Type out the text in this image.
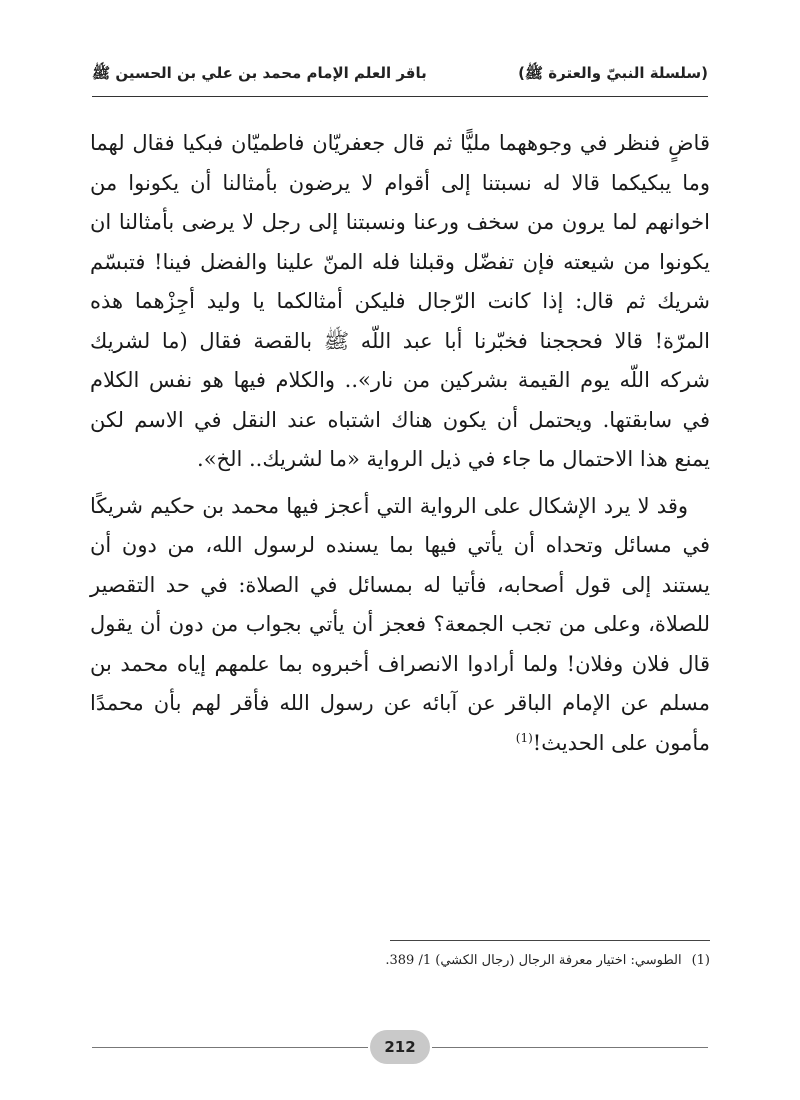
(سلسلة النبيّ والعترة ﷺ)
باقر العلم الإمام محمد بن علي بن الحسين ﷺ

قاضٍ فنظر في وجوههما مليًّا ثم قال جعفريّان فاطميّان فبكيا فقال لهما وما يبكيكما قالا له نسبتنا إلى أقوام لا يرضون بأمثالنا أن يكونوا من اخوانهم لما يرون من سخف ورعنا ونسبتنا إلى رجل لا يرضى بأمثالنا ان يكونوا من شيعته فإن تفضّل وقبلنا فله المنّ علينا والفضل فينا! فتبسّم شريك ثم قال: إذا كانت الرّجال فليكن أمثالكما يا وليد أجِزْهما هذه المرّة! قالا فحججنا فخبّرنا أبا عبد اللّه ﷺ بالقصة فقال (ما لشريك شركه اللّه يوم القيمة بشركين من نار».. والكلام فيها هو نفس الكلام في سابقتها. ويحتمل أن يكون هناك اشتباه عند النقل في الاسم لكن يمنع هذا الاحتمال ما جاء في ذيل الرواية «ما لشريك.. الخ».

وقد لا يرد الإشكال على الرواية التي أعجز فيها محمد بن حكيم شريكًا في مسائل وتحداه أن يأتي فيها بما يسنده لرسول الله، من دون أن يستند إلى قول أصحابه، فأتيا له بمسائل في الصلاة: في حد التقصير للصلاة، وعلى من تجب الجمعة؟ فعجز أن يأتي بجواب من دون أن يقول قال فلان وفلان! ولما أرادوا الانصراف أخبروه بما علمهم إياه محمد بن مسلم عن الإمام الباقر عن آبائه عن رسول الله فأقر لهم بأن محمدًا مأمون على الحديث!$^{(1)}$

(1)الطوسي: اختيار معرفة الرجال (رجال الكشي) 1/ 389.
212
